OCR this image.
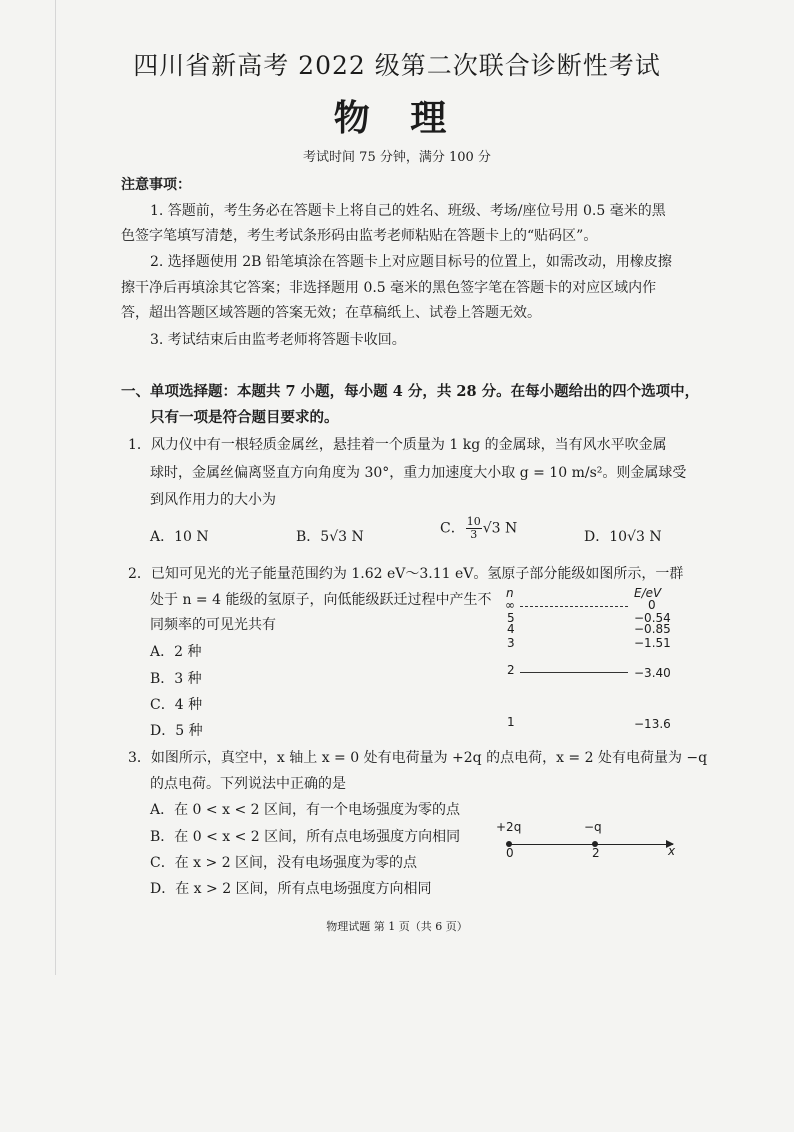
四川省新高考 2022 级第二次联合诊断性考试
物 理
考试时间 75 分钟，满分 100 分
注意事项：
1. 答题前，考生务必在答题卡上将自己的姓名、班级、考场/座位号用 0.5 毫米的黑
色签字笔填写清楚，考生考试条形码由监考老师粘贴在答题卡上的“贴码区”。
2. 选择题使用 2B 铅笔填涂在答题卡上对应题目标号的位置上，如需改动，用橡皮擦
擦干净后再填涂其它答案；非选择题用 0.5 毫米的黑色签字笔在答题卡的对应区域内作
答，超出答题区域答题的答案无效；在草稿纸上、试卷上答题无效。
3. 考试结束后由监考老师将答题卡收回。
一、单项选择题：本题共 7 小题，每小题 4 分，共 28 分。在每小题给出的四个选项中，
只有一项是符合题目要求的。
1．风力仪中有一根轻质金属丝，悬挂着一个质量为 1 kg 的金属球，当有风水平吹金属
球时，金属丝偏离竖直方向角度为 30°，重力加速度大小取 g = 10 m/s²。则金属球受
到风作用力的大小为
A．10 N	B．5√3 N
C． $\frac{10}{3} √3$ N
D．10√3 N
2．已知可见光的光子能量范围约为 1.62 eV～3.11 eV。氢原子部分能级如图所示，一群
处于 n = 4 能级的氢原子，向低能级跃迁过程中产生不
同频率的可见光共有
A．2 种
B．3 种
C．4 种
D．5 种
n	E/eV
∞	0
5	−0.54
4	−0.85
3	−1.51
2	−3.40
1	−13.6
3．如图所示，真空中，x 轴上 x = 0 处有电荷量为 +2q 的点电荷，x = 2 处有电荷量为 −q
的点电荷。下列说法中正确的是
A．在 0 < x < 2 区间，有一个电场强度为零的点
B．在 0 < x < 2 区间，所有点电场强度方向相同
C．在 x > 2 区间，没有电场强度为零的点
D．在 x > 2 区间，所有点电场强度方向相同
+2q	−q
0	2	x
物理试题 第 1 页（共 6 页）
